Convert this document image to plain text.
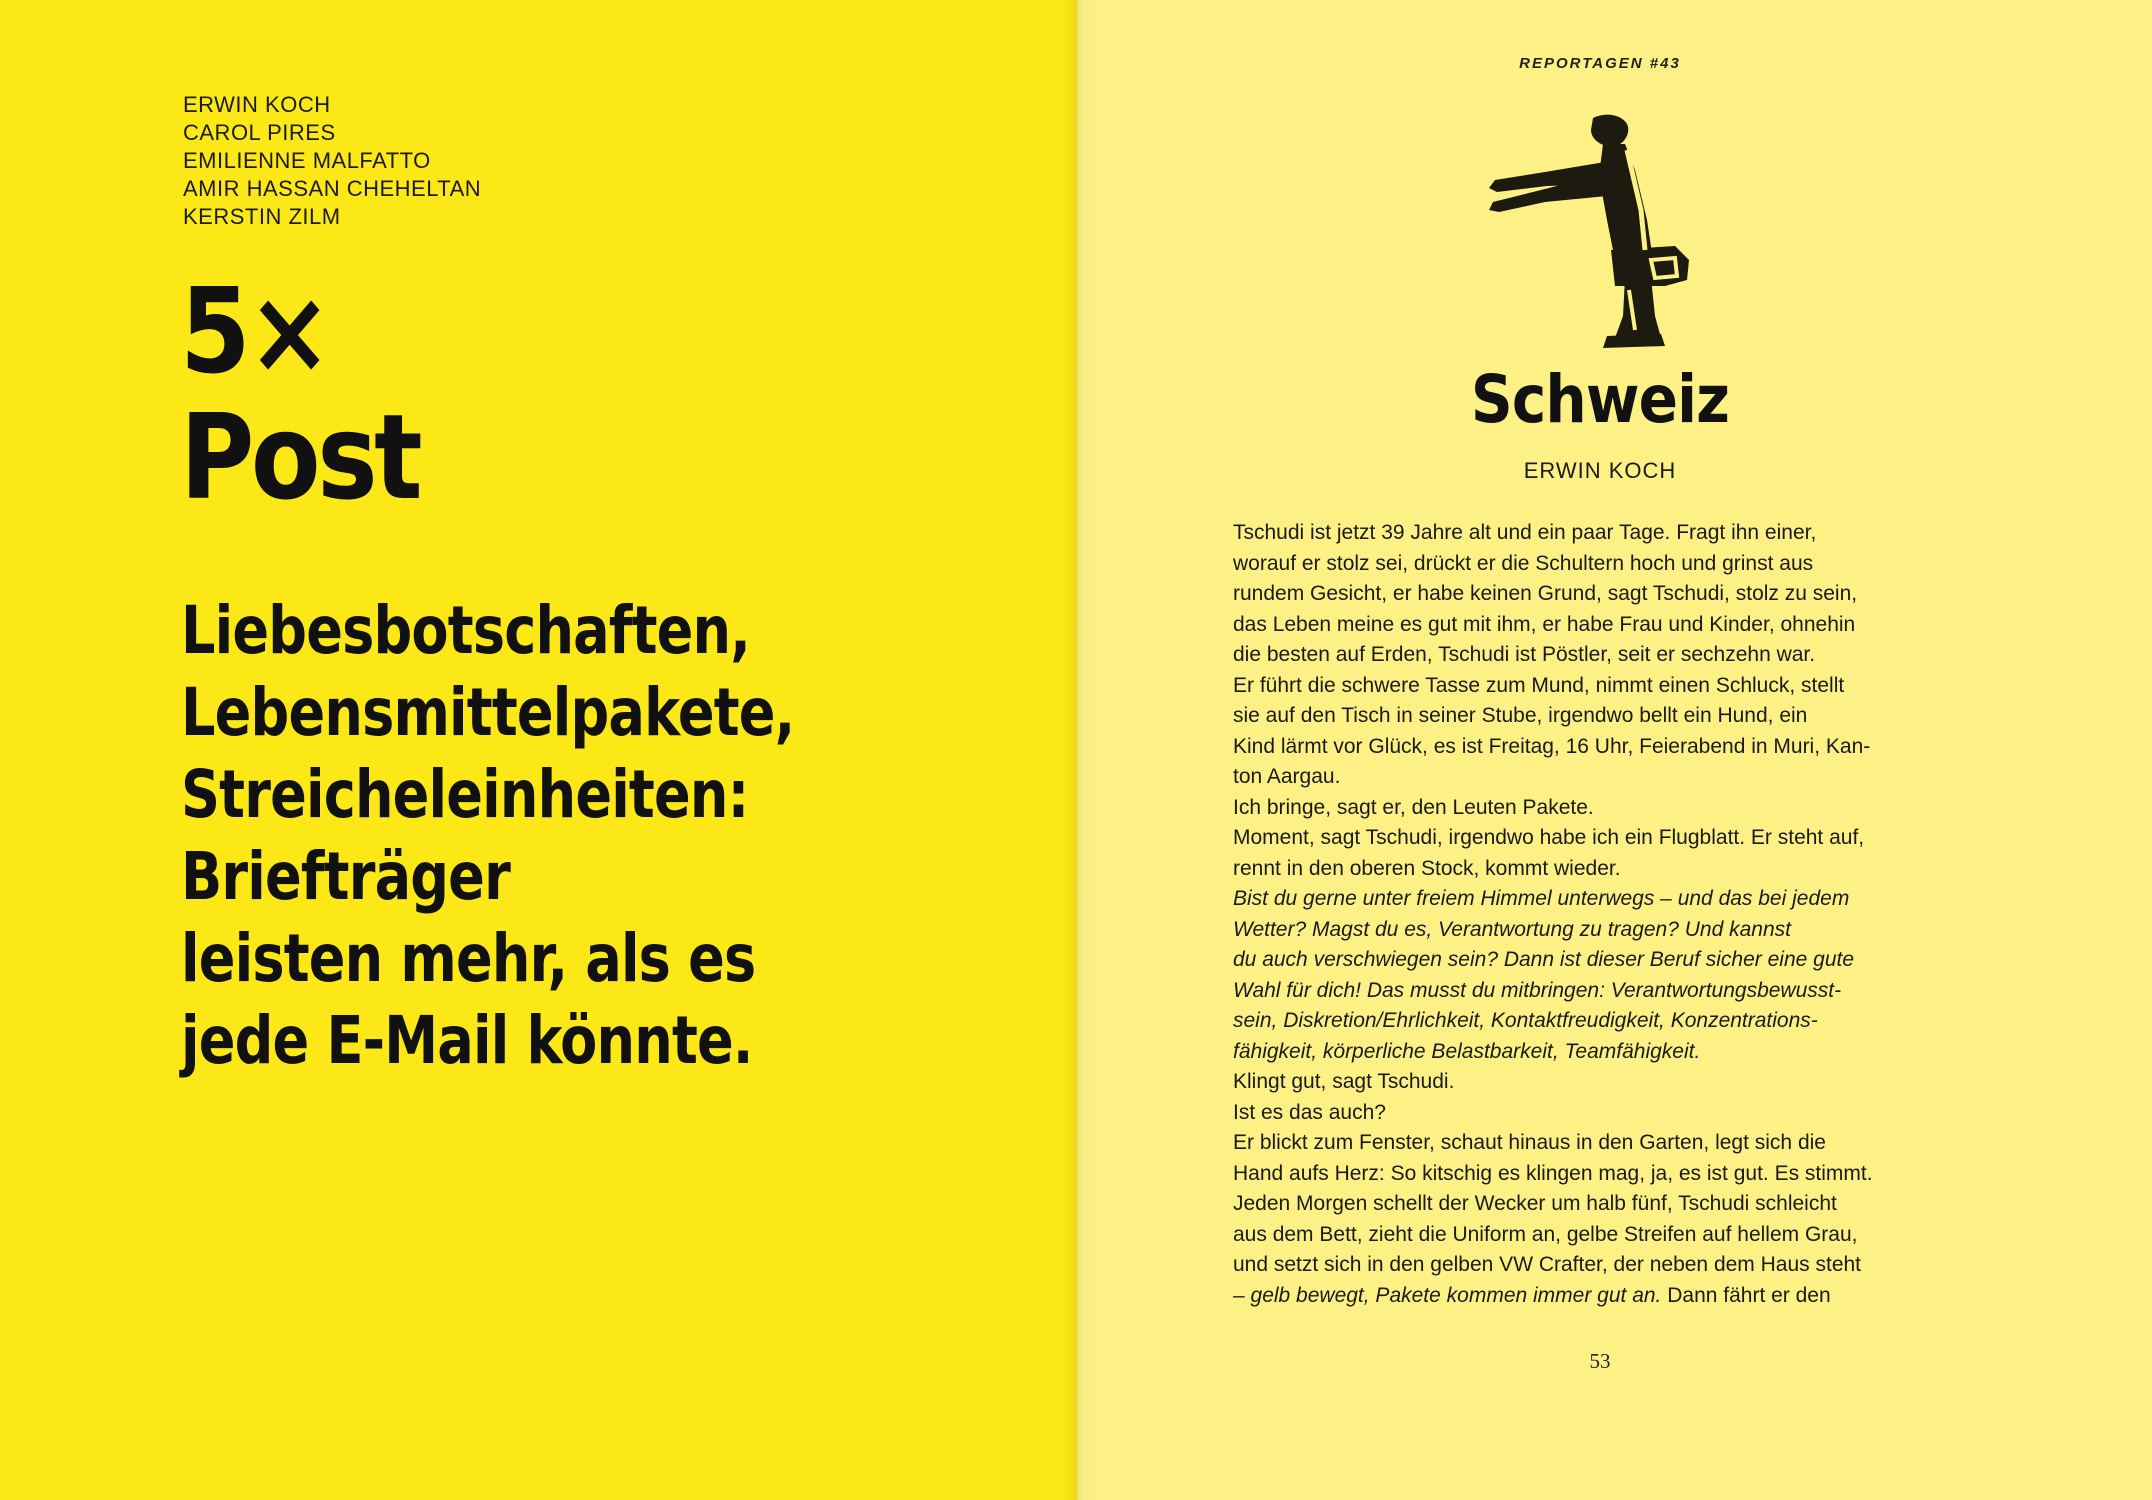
ERWIN KOCH
CAROL PIRES
EMILIENNE MALFATTO
AMIR HASSAN CHEHELTAN
KERSTIN ZILM
5×
Post
Liebesbotschaften,
Lebensmittelpakete,
Streicheleinheiten:
Briefträger
leisten mehr, als es
jede E-Mail könnte.
REPORTAGEN #43
Schweiz
ERWIN KOCH
Tschudi ist jetzt 39 Jahre alt und ein paar Tage. Fragt ihn einer,
worauf er stolz sei, drückt er die Schultern hoch und grinst aus
rundem Gesicht, er habe keinen Grund, sagt Tschudi, stolz zu sein,
das Leben meine es gut mit ihm, er habe Frau und Kinder, ohnehin
die besten auf Erden, Tschudi ist Pöstler, seit er sechzehn war.
Er führt die schwere Tasse zum Mund, nimmt einen Schluck, stellt
sie auf den Tisch in seiner Stube, irgendwo bellt ein Hund, ein
Kind lärmt vor Glück, es ist Freitag, 16 Uhr, Feierabend in Muri, Kan-
ton Aargau.
Ich bringe, sagt er, den Leuten Pakete.
Moment, sagt Tschudi, irgendwo habe ich ein Flugblatt. Er steht auf,
rennt in den oberen Stock, kommt wieder.
Bist du gerne unter freiem Himmel unterwegs – und das bei jedem
Wetter? Magst du es, Verantwortung zu tragen? Und kannst
du auch verschwiegen sein? Dann ist dieser Beruf sicher eine gute
Wahl für dich! Das musst du mitbringen: Verantwortungsbewusst-
sein, Diskretion/Ehrlichkeit, Kontaktfreudigkeit, Konzentrations-
fähigkeit, körperliche Belastbarkeit, Teamfähigkeit.
Klingt gut, sagt Tschudi.
Ist es das auch?
Er blickt zum Fenster, schaut hinaus in den Garten, legt sich die
Hand aufs Herz: So kitschig es klingen mag, ja, es ist gut. Es stimmt.
Jeden Morgen schellt der Wecker um halb fünf, Tschudi schleicht
aus dem Bett, zieht die Uniform an, gelbe Streifen auf hellem Grau,
und setzt sich in den gelben VW Crafter, der neben dem Haus steht
– gelb bewegt, Pakete kommen immer gut an. Dann fährt er den
53
